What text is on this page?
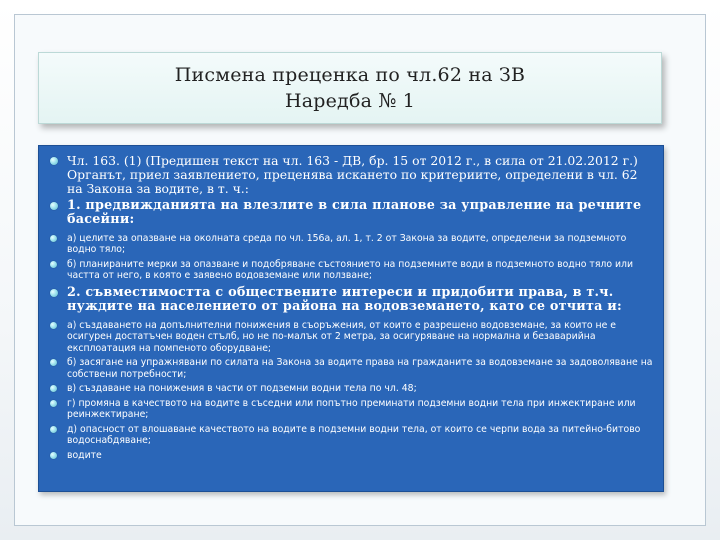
Писмена преценка по чл.62 на ЗВ
Наредба № 1
Чл. 163. (1) (Предишен текст на чл. 163 - ДВ, бр. 15 от 2012 г., в сила от 21.02.2012 г.) Органът, приел заявлението, преценява искането по критериите, определени в чл. 62 на Закона за водите, в т. ч.:
1. предвижданията на влезлите в сила планове за управление на речните басейни:
а) целите за опазване на околната среда по чл. 156а, ал. 1, т. 2 от Закона за водите, определени за подземното водно тяло;
б) планираните мерки за опазване и подобряване състоянието на подземните води в подземното водно тяло или частта от него, в която е заявено водовземане или ползване;
2. съвместимостта с обществените интереси и придобити права, в т.ч. нуждите на населението от района на водовземането, като се отчита и:
а) създаването на допълнителни понижения в съоръжения, от които е разрешено водовземане, за които не е осигурен достатъчен воден стълб, но не по-малък от 2 метра, за осигуряване на нормална и безаварийна експлоатация на помпеното оборудване;
б) засягане на упражнявани по силата на Закона за водите права на гражданите за водовземане за задоволяване на собствени потребности;
в) създаване на понижения в части от подземни водни тела по чл. 48;
г) промяна в качеството на водите в съседни или попътно преминати подземни водни тела при инжектиране или реинжектиране;
д) опасност от влошаване качеството на водите в подземни водни тела, от които се черпи вода за питейно-битово водоснабдяване;
водите
